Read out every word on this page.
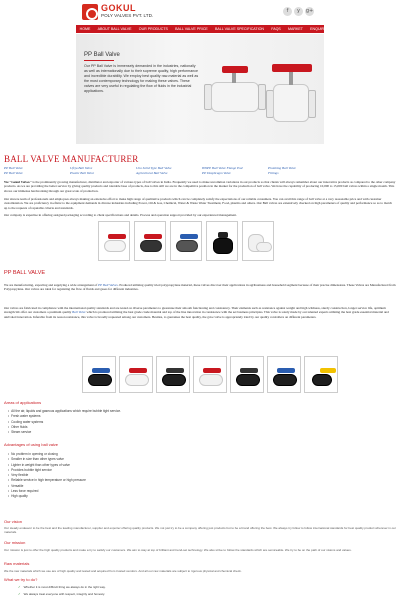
GOKUL
POLY VALVES PVT. LTD.
f	y	g+
HOME	ABOUT BALL VALVE	OUR PRODUCTS	BALL VALVE PRICE	BALL VALVE SPECIFICATION	FAQS	MARKET	ENQUIRY	CONTACT US
PP Ball Valve
Our PP Ball Valve is immensely demanded in the industries, nationally as well as internationally due to their supreme quality, high performance and incredible durability. We employ best quality raw-material as well as the most contemporary technology for making these valves. These valves are very useful in regulating the flow of fluids in the industrial applications.
BALL VALVE MANUFACTURER
PP Ball Valve	Ufeja Ball Valve	Uno Solid Type Ball Valve	HDPE Ball Valve Flange End	Plumbing Ball Valve
PP Ball Valve	Plastic Ball Valve	Agricultural Ball Valve	PP Diaphragm Valve	Fittings
We "Gokul Valves" is the prominently growing manufacturer, distributor and exporter of various types of ball valves in India. Frequently we used to make uncommon variations in our products so that clients will always remember about our innovative products as compared to the other company products. As we are providing the better service by giving quality products and tolerable base of products, due to this still we are in the competitive position in the market for the production of ball valve. We have the capability of producing 10,000 to 15,000 ball valves within a single month. This shows our immense hardworking through our great scale of production.
Our sincere team of professionals and employees always making an extensive effort to make high range of qualitative products which can be completely satisfy the expectations of our reliable consumers. You can avail this range of ball valve at a very reasonable price and with customer customization. We are proficiency in efistrz to the equipment demands in diverse industries including Power, Oil & Gas, Chemical, Water & Waste Water Treatment, Food, pharma and others. Our Ball valves are extensively checked on high parameters of quality and performance so as to match up to the requests of reputable criteria and standards.
Our company is expertise in offering assigned packaging according to client specifications and details. Process and operation support provided by our experienced management.
PP BALL VALVE
We are manufacturing, exporting and supplying a wide arrangement of PP Ball Valves. Produced utilizing quality tried polypropylene material, these valves discover their applications in agribusiness and household segment because of their precise dimensions. These Valves are Manufactured from Polypropylene. Our valves are ideal for regulating the flow of fluids and gases for different industries.
Our valves are fabricated in compliance with the international quality standards and are tested on diverse parameters to guarantee their smooth functioning and consistency. Their elements such as resistance against weight and high wildness, sturdy construction, longer service life, optimum strength.We offer our customers a premium quality Ball Valve which is produced utilizing the best grade crude material and top of the line innovation in consistence with the set business principles. This valve is solely made by our talented experts utilizing the best grade essential material and unrivaled innovation. Inferable from its reason resistance, this valve is broadly requested among our customers. Besides, to guarantee the best quality, the gave valve is appropriately tried by our quality controllers on different parameters.
Areas of applications
• All the air, liquids and gaseous applications which require bubble tight service.
• Fresh water systems
• Cooling water systems
• Other fluids
• Steam service
Advantages of using ball valve
• No problem in opening or closing
• Smaller in size than other types valve
• Lighter in weight than other types of valve
• Provides bubble tight service
• Very flexible
• Reliable service in high temperature or high pressure
• Versatile
• Less force required
• High quality
Our vision
Our steady endeavor to be the best and the leading manufacturer, supplier and exporter offering quality products. We not just try to be a company offering just products but to be a brand offering the best. We always try follow to follow international standards for best quality product wherever in our materials.
Our mission
Our mission is just to offer the high quality products and make a try to satisfy our customers. We aim to stay at top of brilliant and trend-set technology. We also strive to follow the standards which are serviceable. We try to be on the path of our visions and values.
Raw materials
We the raw materials which we use are of high quality and tested and acquired from trusted vendors. And all our raw materials are subject to rigorous physical and chemical check.
What we try to do?
✓ Whether it is most difficult thing we always do in the right way.
✓ We always treat everyone with respect, integrity and honesty.
